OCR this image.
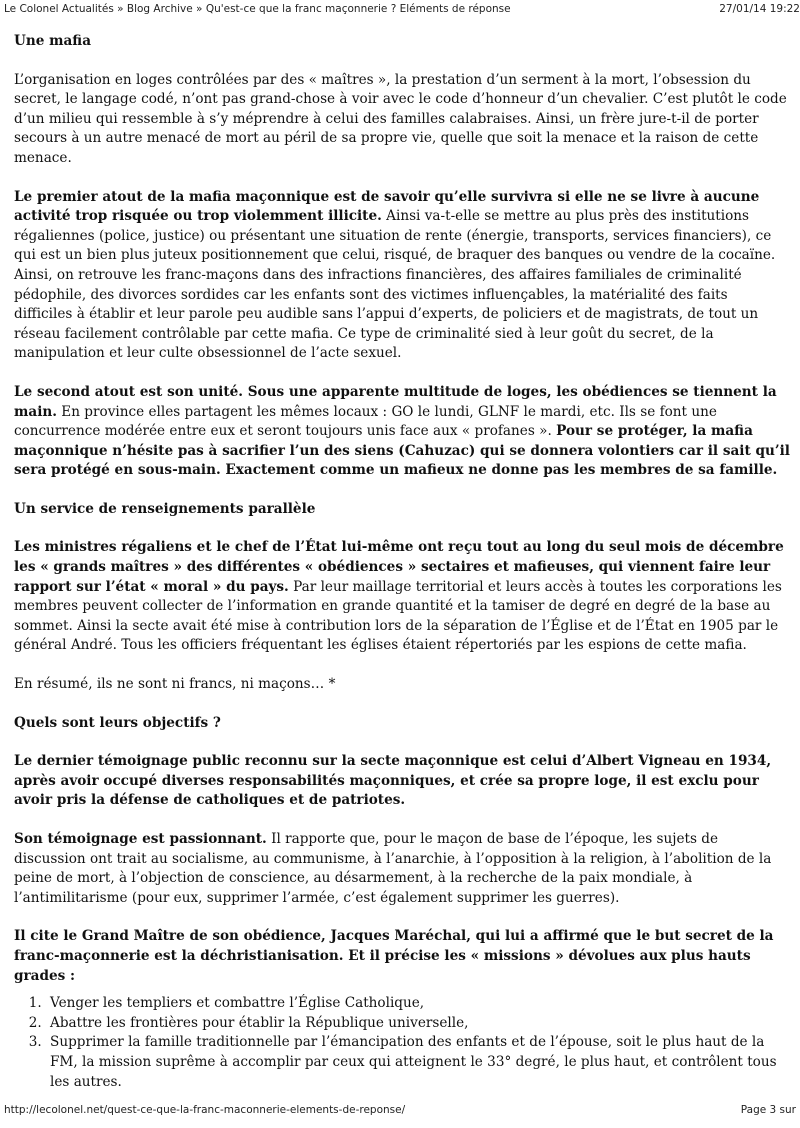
Le Colonel Actualités » Blog Archive » Qu'est-ce que la franc maçonnerie ? Eléments de réponse	27/01/14 19:22
Une mafia

L’organisation en loges contrôlées par des « maîtres », la prestation d’un serment à la mort, l’obsession du secret, le langage codé, n’ont pas grand-chose à voir avec le code d’honneur d’un chevalier. C’est plutôt le code d’un milieu qui ressemble à s’y méprendre à celui des familles calabraises. Ainsi, un frère jure-t-il de porter secours à un autre menacé de mort au péril de sa propre vie, quelle que soit la menace et la raison de cette menace.

Le premier atout de la mafia maçonnique est de savoir qu’elle survivra si elle ne se livre à aucune activité trop risquée ou trop violemment illicite. Ainsi va-t-elle se mettre au plus près des institutions régaliennes (police, justice) ou présentant une situation de rente (énergie, transports, services financiers), ce qui est un bien plus juteux positionnement que celui, risqué, de braquer des banques ou vendre de la cocaïne. Ainsi, on retrouve les franc-maçons dans des infractions financières, des affaires familiales de criminalité pédophile, des divorces sordides car les enfants sont des victimes influençables, la matérialité des faits difficiles à établir et leur parole peu audible sans l’appui d’experts, de policiers et de magistrats, de tout un réseau facilement contrôlable par cette mafia. Ce type de criminalité sied à leur goût du secret, de la manipulation et leur culte obsessionnel de l’acte sexuel.

Le second atout est son unité. Sous une apparente multitude de loges, les obédiences se tiennent la main. En province elles partagent les mêmes locaux : GO le lundi, GLNF le mardi, etc. Ils se font une concurrence modérée entre eux et seront toujours unis face aux « profanes ». Pour se protéger, la mafia maçonnique n’hésite pas à sacrifier l’un des siens (Cahuzac) qui se donnera volontiers car il sait qu’il sera protégé en sous-main. Exactement comme un mafieux ne donne pas les membres de sa famille.

Un service de renseignements parallèle

Les ministres régaliens et le chef de l’État lui-même ont reçu tout au long du seul mois de décembre les « grands maîtres » des différentes « obédiences » sectaires et mafieuses, qui viennent faire leur rapport sur l’état « moral » du pays. Par leur maillage territorial et leurs accès à toutes les corporations les membres peuvent collecter de l’information en grande quantité et la tamiser de degré en degré de la base au sommet. Ainsi la secte avait été mise à contribution lors de la séparation de l’Église et de l’État en 1905 par le général André. Tous les officiers fréquentant les églises étaient répertoriés par les espions de cette mafia.

En résumé, ils ne sont ni francs, ni maçons… *

Quels sont leurs objectifs ?

Le dernier témoignage public reconnu sur la secte maçonnique est celui d’Albert Vigneau en 1934, après avoir occupé diverses responsabilités maçonniques, et crée sa propre loge, il est exclu pour avoir pris la défense de catholiques et de patriotes.

Son témoignage est passionnant. Il rapporte que, pour le maçon de base de l’époque, les sujets de discussion ont trait au socialisme, au communisme, à l’anarchie, à l’opposition à la religion, à l’abolition de la peine de mort, à l’objection de conscience, au désarmement, à la recherche de la paix mondiale, à l’antimilitarisme (pour eux, supprimer l’armée, c’est également supprimer les guerres).

Il cite le Grand Maître de son obédience, Jacques Maréchal, qui lui a affirmé que le but secret de la franc-maçonnerie est la déchristianisation. Et il précise les « missions » dévolues aux plus hauts grades :

1. Venger les templiers et combattre l’Église Catholique,
2. Abattre les frontières pour établir la République universelle,
3. Supprimer la famille traditionnelle par l’émancipation des enfants et de l’épouse, soit le plus haut de la FM, la mission suprême à accomplir par ceux qui atteignent le 33° degré, le plus haut, et contrôlent tous les autres.
http://lecolonel.net/quest-ce-que-la-franc-maconnerie-elements-de-reponse/	Page 3 sur
